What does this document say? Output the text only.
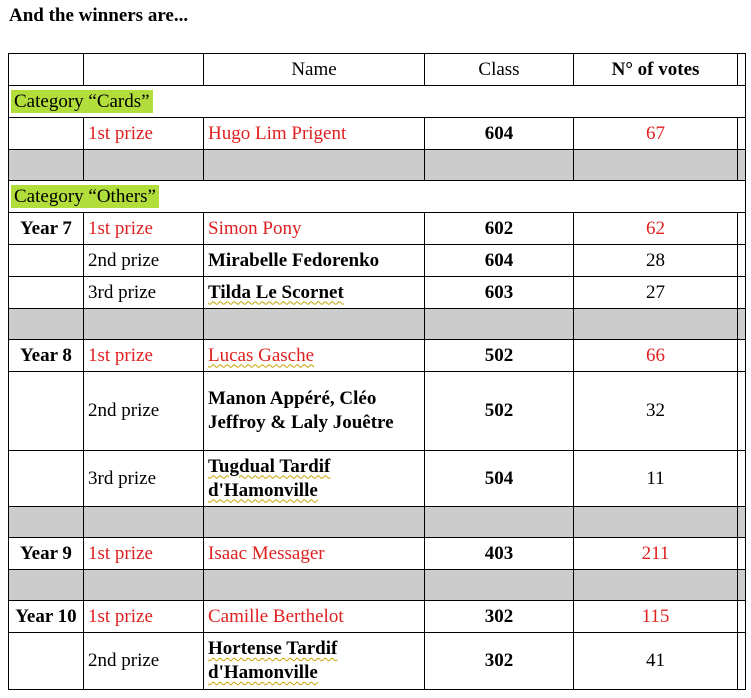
And the winners are...
		Name	Class	N° of votes	
Category “Cards”					
	1st prize	Hugo Lim Prigent	604	67	

Category “Others”					
Year 7	1st prize	Simon Pony	602	62	
	2nd prize	Mirabelle Fedorenko	604	28	
	3rd prize	Tilda Le Scornet	603	27	

Year 8	1st prize	Lucas Gasche	502	66	
	2nd prize	Manon Appéré, Cléo Jeffroy & Laly Jouêtre	502	32	
	3rd prize	Tugdual Tardif d'Hamonville	504	11	

Year 9	1st prize	Isaac Messager	403	211	

Year 10	1st prize	Camille Berthelot	302	115	
	2nd prize	Hortense Tardif d'Hamonville	302	41	
